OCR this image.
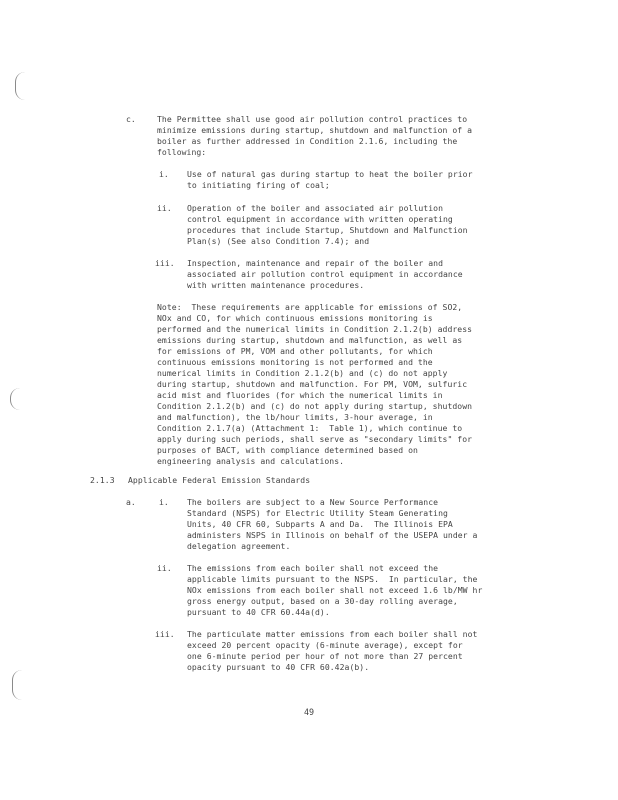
c.	The Permittee shall use good air pollution control practices to
minimize emissions during startup, shutdown and malfunction of a
boiler as further addressed in Condition 2.1.6, including the
following:
i. Use of natural gas during startup to heat the boiler prior
to initiating firing of coal;
ii. Operation of the boiler and associated air pollution
control equipment in accordance with written operating
procedures that include Startup, Shutdown and Malfunction
Plan(s) (See also Condition 7.4); and
iii. Inspection, maintenance and repair of the boiler and
associated air pollution control equipment in accordance
with written maintenance procedures.
Note:  These requirements are applicable for emissions of SO2,
NOx and CO, for which continuous emissions monitoring is
performed and the numerical limits in Condition 2.1.2(b) address
emissions during startup, shutdown and malfunction, as well as
for emissions of PM, VOM and other pollutants, for which
continuous emissions monitoring is not performed and the
numerical limits in Condition 2.1.2(b) and (c) do not apply
during startup, shutdown and malfunction. For PM, VOM, sulfuric
acid mist and fluorides (for which the numerical limits in
Condition 2.1.2(b) and (c) do not apply during startup, shutdown
and malfunction), the lb/hour limits, 3-hour average, in
Condition 2.1.7(a) (Attachment 1:  Table 1), which continue to
apply during such periods, shall serve as "secondary limits" for
purposes of BACT, with compliance determined based on
engineering analysis and calculations.
2.1.3 Applicable Federal Emission Standards
a.	i. The boilers are subject to a New Source Performance
Standard (NSPS) for Electric Utility Steam Generating
Units, 40 CFR 60, Subparts A and Da.  The Illinois EPA
administers NSPS in Illinois on behalf of the USEPA under a
delegation agreement.
ii. The emissions from each boiler shall not exceed the
applicable limits pursuant to the NSPS.  In particular, the
NOx emissions from each boiler shall not exceed 1.6 lb/MW hr
gross energy output, based on a 30-day rolling average,
pursuant to 40 CFR 60.44a(d).
iii. The particulate matter emissions from each boiler shall not
exceed 20 percent opacity (6-minute average), except for
one 6-minute period per hour of not more than 27 percent
opacity pursuant to 40 CFR 60.42a(b).
49
